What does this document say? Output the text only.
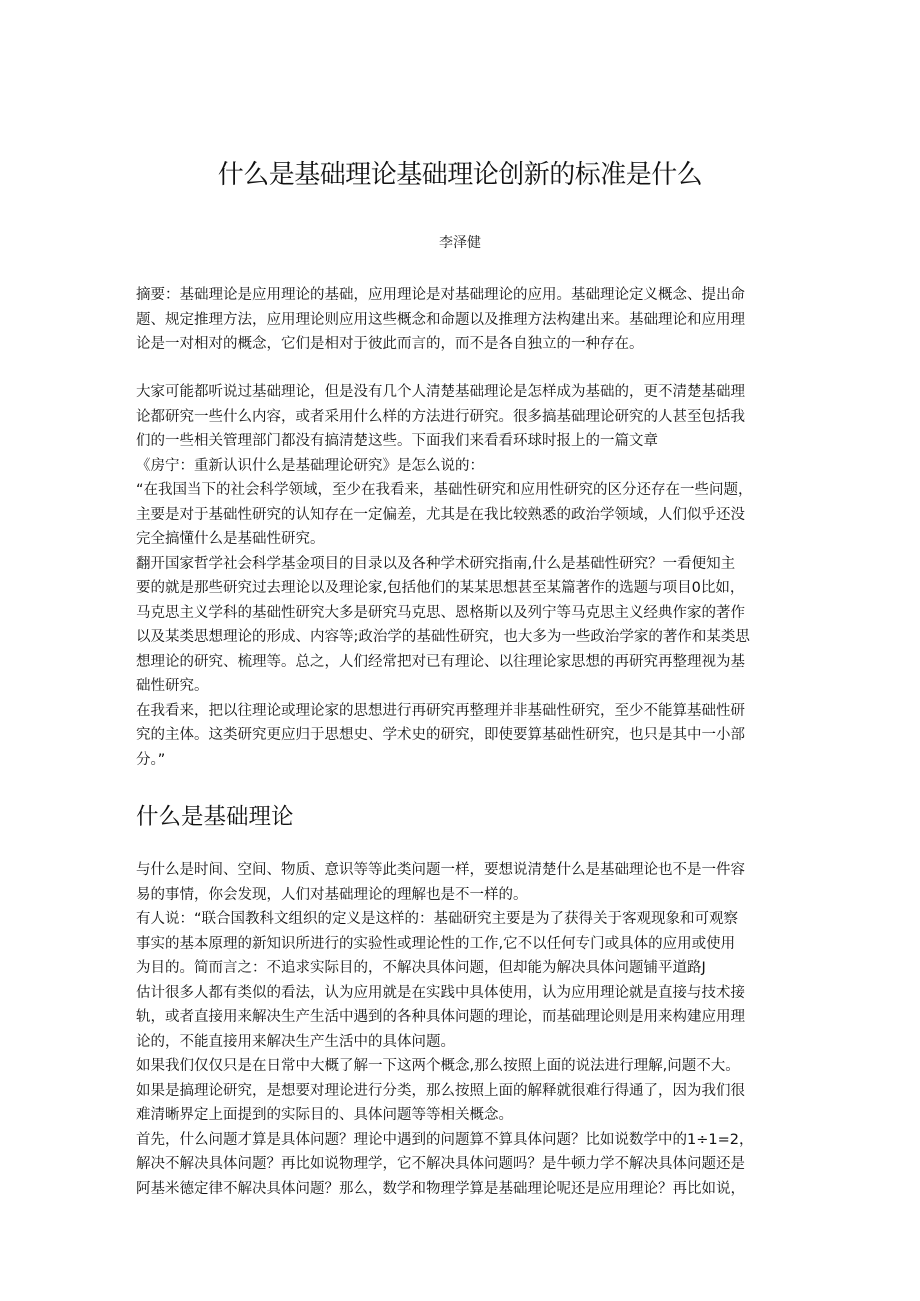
什么是基础理论基础理论创新的标准是什么
李泽健

摘要：基础理论是应用理论的基础，应用理论是对基础理论的应用。基础理论定义概念、提出命
题、规定推理方法，应用理论则应用这些概念和命题以及推理方法构建出来。基础理论和应用理
论是一对相对的概念，它们是相对于彼此而言的，而不是各自独立的一种存在。

大家可能都听说过基础理论，但是没有几个人清楚基础理论是怎样成为基础的，更不清楚基础理
论都研究一些什么内容，或者采用什么样的方法进行研究。很多搞基础理论研究的人甚至包括我
们的一些相关管理部门都没有搞清楚这些。下面我们来看看环球时报上的一篇文章

《房宁：重新认识什么是基础理论研究》是怎么说的：

“在我国当下的社会科学领域，至少在我看来，基础性研究和应用性研究的区分还存在一些问题，
主要是对于基础性研究的认知存在一定偏差，尤其是在我比较熟悉的政治学领域，人们似乎还没
完全搞懂什么是基础性研究。

翻开国家哲学社会科学基金项目的目录以及各种学术研究指南,什么是基础性研究？一看便知主
要的就是那些研究过去理论以及理论家,包括他们的某某思想甚至某篇著作的选题与项目0比如，
马克思主义学科的基础性研究大多是研究马克思、恩格斯以及列宁等马克思主义经典作家的著作
以及某类思想理论的形成、内容等;政治学的基础性研究，也大多为一些政治学家的著作和某类思
想理论的研究、梳理等。总之，人们经常把对已有理论、以往理论家思想的再研究再整理视为基
础性研究。

在我看来，把以往理论或理论家的思想进行再研究再整理并非基础性研究，至少不能算基础性研
究的主体。这类研究更应归于思想史、学术史的研究，即使要算基础性研究，也只是其中一小部
分。”

什么是基础理论

与什么是时间、空间、物质、意识等等此类问题一样，要想说清楚什么是基础理论也不是一件容
易的事情，你会发现，人们对基础理论的理解也是不一样的。

有人说：“联合国教科文组织的定义是这样的：基础研究主要是为了获得关于客观现象和可观察
事实的基本原理的新知识所进行的实验性或理论性的工作,它不以任何专门或具体的应用或使用
为目的。简而言之：不追求实际目的，不解决具体问题，但却能为解决具体问题铺平道路J

估计很多人都有类似的看法，认为应用就是在实践中具体使用，认为应用理论就是直接与技术接
轨，或者直接用来解决生产生活中遇到的各种具体问题的理论，而基础理论则是用来构建应用理
论的，不能直接用来解决生产生活中的具体问题。

如果我们仅仅只是在日常中大概了解一下这两个概念,那么按照上面的说法进行理解,问题不大。

如果是搞理论研究，是想要对理论进行分类，那么按照上面的解释就很难行得通了，因为我们很
难清晰界定上面提到的实际目的、具体问题等等相关概念。

首先，什么问题才算是具体问题？理论中遇到的问题算不算具体问题？比如说数学中的1÷1=2，
解决不解决具体问题？再比如说物理学，它不解决具体问题吗？是牛顿力学不解决具体问题还是
阿基米德定律不解决具体问题？那么，数学和物理学算是基础理论呢还是应用理论？再比如说，
